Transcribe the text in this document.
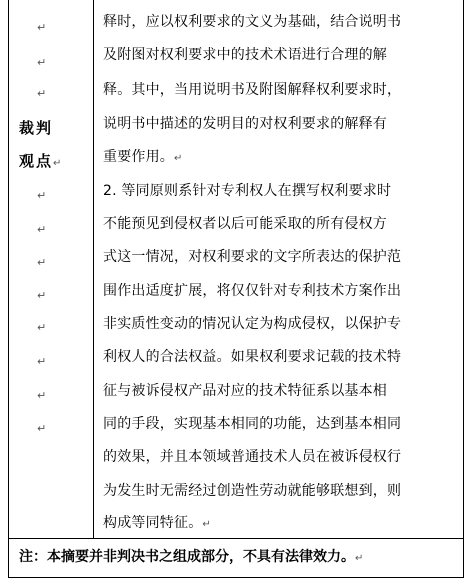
↵
↵
↵
裁判
观点↵
↵
↵
↵
↵
↵
↵
↵
↵
释时，应以权利要求的文义为基础，结合说明书
及附图对权利要求中的技术术语进行合理的解
释。其中，当用说明书及附图解释权利要求时，
说明书中描述的发明目的对权利要求的解释有
重要作用。↵
2. 等同原则系针对专利权人在撰写权利要求时
不能预见到侵权者以后可能采取的所有侵权方
式这一情况，对权利要求的文字所表达的保护范
围作出适度扩展，将仅仅针对专利技术方案作出
非实质性变动的情况认定为构成侵权，以保护专
利权人的合法权益。如果权利要求记载的技术特
征与被诉侵权产品对应的技术特征系以基本相
同的手段，实现基本相同的功能，达到基本相同
的效果，并且本领域普通技术人员在被诉侵权行
为发生时无需经过创造性劳动就能够联想到，则
构成等同特征。↵
注：本摘要并非判决书之组成部分，不具有法律效力。↵
